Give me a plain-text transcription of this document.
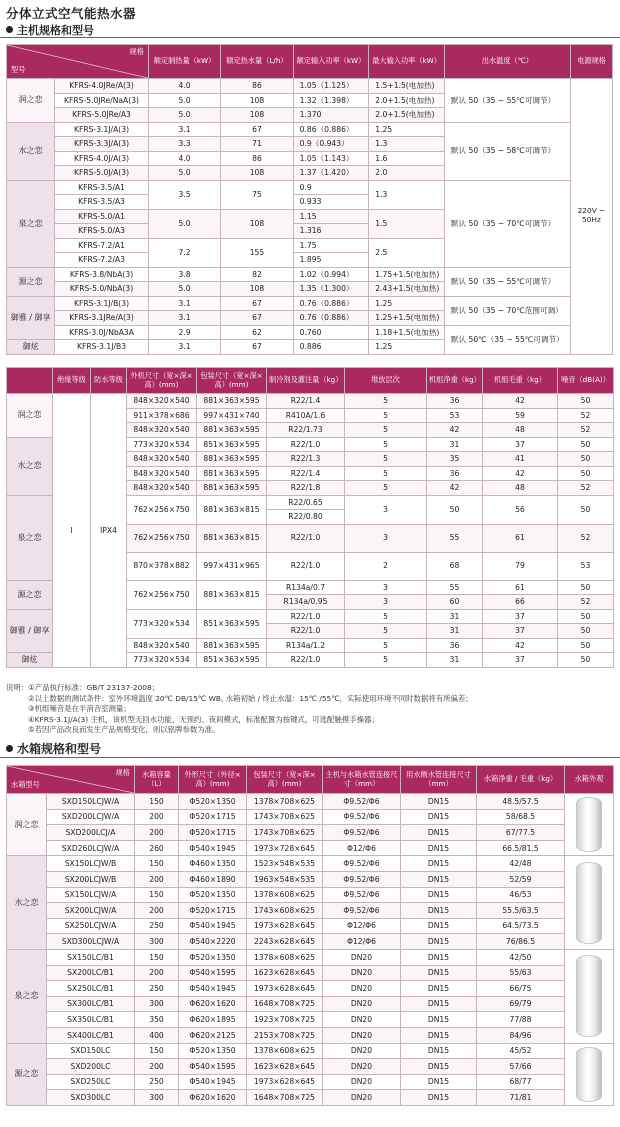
分体立式空气能热水器
主机规格和型号
规格
型号		额定制热量（kW）	额定热水量（L/h）	额定输入功率（kW）	最大输入功率（kW）	出水温度（℃）	电源规格
润之恋	KFRS-4.0JRe/A(3)	4.0	86	1.05（1.125）	1.5+1.5(电加热)	默认 50（35 ~ 55℃可调节）	220V ~ 50Hz
	KFRS-5.0JRe/NaA(3)	5.0	108	1.32（1.398）	2.0+1.5(电加热)		
	KFRS-5.0JRe/A3	5.0	108	1.370	2.0+1.5(电加热)		
水之恋	KFRS-3.1J/A(3)	3.1	67	0.86（0.886）	1.25	默认 50（35 ~ 58℃可调节）	
	KFRS-3.3J/A(3)	3.3	71	0.9（0.943）	1.3		
	KFRS-4.0J/A(3)	4.0	86	1.05（1.143）	1.6		
	KFRS-5.0J/A(3)	5.0	108	1.37（1.420）	2.0		
泉之恋	KFRS-3.5/A1	3.5	75	0.9	1.3	默认 50（35 ~ 70℃可调节）	
	KFRS-3.5/A3			0.933			
	KFRS-5.0/A1	5.0	108	1.15	1.5		
	KFRS-5.0/A3			1.316			
	KFRS-7.2/A1	7.2	155	1.75	2.5		
	KFRS-7.2/A3			1.895			
源之恋	KFRS-3.8/NbA(3)	3.8	82	1.02（0.994）	1.75+1.5(电加热)	默认 50（35 ~ 55℃可调节）	
	KFRS-5.0/NbA(3)	5.0	108	1.35（1.300）	2.43+1.5(电加热)		
御雅 / 御享	KFRS-3.1J/B(3)	3.1	67	0.76（0.886）	1.25	默认 50（35 ~ 70℃范围可调）	
	KFRS-3.1JRe/A(3)	3.1	67	0.76（0.886）	1.25+1.5(电加热)		
	KFRS-3.0J/NbA3A	2.9	62	0.760	1.18+1.5(电加热)	默认 50℃（35 ~ 55℃可调节）	
御炫	KFRS-3.1J/B3	3.1	67	0.886	1.25		
	绝缘等级	防水等级	外机尺寸（宽×深×高）(mm)	包装尺寸（宽×深×高）(mm)	制冷剂及灌注量（kg）	堆放层次	机组净重（kg）	机组毛重（kg）	噪音（dB(A)）
润之恋	I	IPX4	848×320×540	881×363×595	R22/1.4	5	36	42	50
			911×378×686	997×431×740	R410A/1.6	5	53	59	52
			848×320×540	881×363×595	R22/1.73	5	42	48	52
水之恋			773×320×534	851×363×595	R22/1.0	5	31	37	50
			848×320×540	881×363×595	R22/1.3	5	35	41	50
			848×320×540	881×363×595	R22/1.4	5	36	42	50
			848×320×540	881×363×595	R22/1.8	5	42	48	52
泉之恋			762×256×750	881×363×815	R22/0.65	3	50	56	50
					R22/0.80				
			762×256×750	881×363×815	R22/1.0	3	55	61	52
			870×378×882	997×431×965	R22/1.0	2	68	79	53
源之恋			762×256×750	881×363×815	R134a/0.7	3	55	61	50
					R134a/0.95	3	60	66	52
御雅 / 御享			773×320×534	851×363×595	R22/1.0	5	31	37	50
					R22/1.0	5	31	37	50
			848×320×540	881×363×595	R134a/1.2	5	36	42	50
御炫			773×320×534	851×363×595	R22/1.0	5	31	37	50
说明：①产品执行标准：GB/T 23137-2008；
②以上数据的测试条件：室外环境温度 20℃ DB/15℃ WB, 水箱初始 / 终止水温：15℃ /55℃，实际使用环境不同时数据将有所偏差；
③机组噪音是在半消音室测量；
④KFRS-3.1J/A(3) 主机，该机型无回水功能、无预约、夜间模式，标准配置为按键式，可选配触摸手操器；
⑤若因产品改良而发生产品规格变化，则以铭牌参数为准。
水箱规格和型号
规格
水箱型号		水箱容量（L）	外形尺寸（外径×高）(mm)	包装尺寸（宽×深×高）(mm)	主机与水箱水管连接尺寸（mm）	用水侧水管连接尺寸（mm）	水箱净重 / 毛重（kg）	水箱外观
润之恋	SXD150LCJW/A	150	Φ520×1350	1378×708×625	Φ9.52/Φ6	DN15	48.5/57.5	

	SXD200LCJW/A	200	Φ520×1715	1743×708×625	Φ9.52/Φ6	DN15	58/68.5	
	SXD200LCJ/A	200	Φ520×1715	1743×708×625	Φ9.52/Φ6	DN15	67/77.5	
	SXD260LCJW/A	260	Φ540×1945	1973×728×645	Φ12/Φ6	DN15	66.5/81.5	
水之恋	SX150LCJW/B	150	Φ460×1350	1523×548×535	Φ9.52/Φ6	DN15	42/48	

	SX200LCJW/B	200	Φ460×1890	1963×548×535	Φ9.52/Φ6	DN15	52/59	
	SX150LCJW/A	150	Φ520×1350	1378×608×625	Φ9.52/Φ6	DN15	46/53	
	SX200LCJW/A	200	Φ520×1715	1743×608×625	Φ9.52/Φ6	DN15	55.5/63.5	
	SX250LCJW/A	250	Φ540×1945	1973×628×645	Φ12/Φ6	DN15	64.5/73.5	
	SXD300LCJW/A	300	Φ540×2220	2243×628×645	Φ12/Φ6	DN15	76/86.5	
泉之恋	SX150LC/B1	150	Φ520×1350	1378×608×625	DN20	DN15	42/50	

	SX200LC/B1	200	Φ540×1595	1623×628×645	DN20	DN15	55/63	
	SX250LC/B1	250	Φ540×1945	1973×628×645	DN20	DN15	66/75	
	SX300LC/B1	300	Φ620×1620	1648×708×725	DN20	DN15	69/79	
	SX350LC/B1	350	Φ620×1895	1923×708×725	DN20	DN15	77/88	
	SX400LC/B1	400	Φ620×2125	2153×708×725	DN20	DN15	84/96	
源之恋	SXD150LC	150	Φ520×1350	1378×608×625	DN20	DN15	45/52	

	SXD200LC	200	Φ540×1595	1623×628×645	DN20	DN15	57/66	
	SXD250LC	250	Φ540×1945	1973×628×645	DN20	DN15	68/77	
	SXD300LC	300	Φ620×1620	1648×708×725	DN20	DN15	71/81	
